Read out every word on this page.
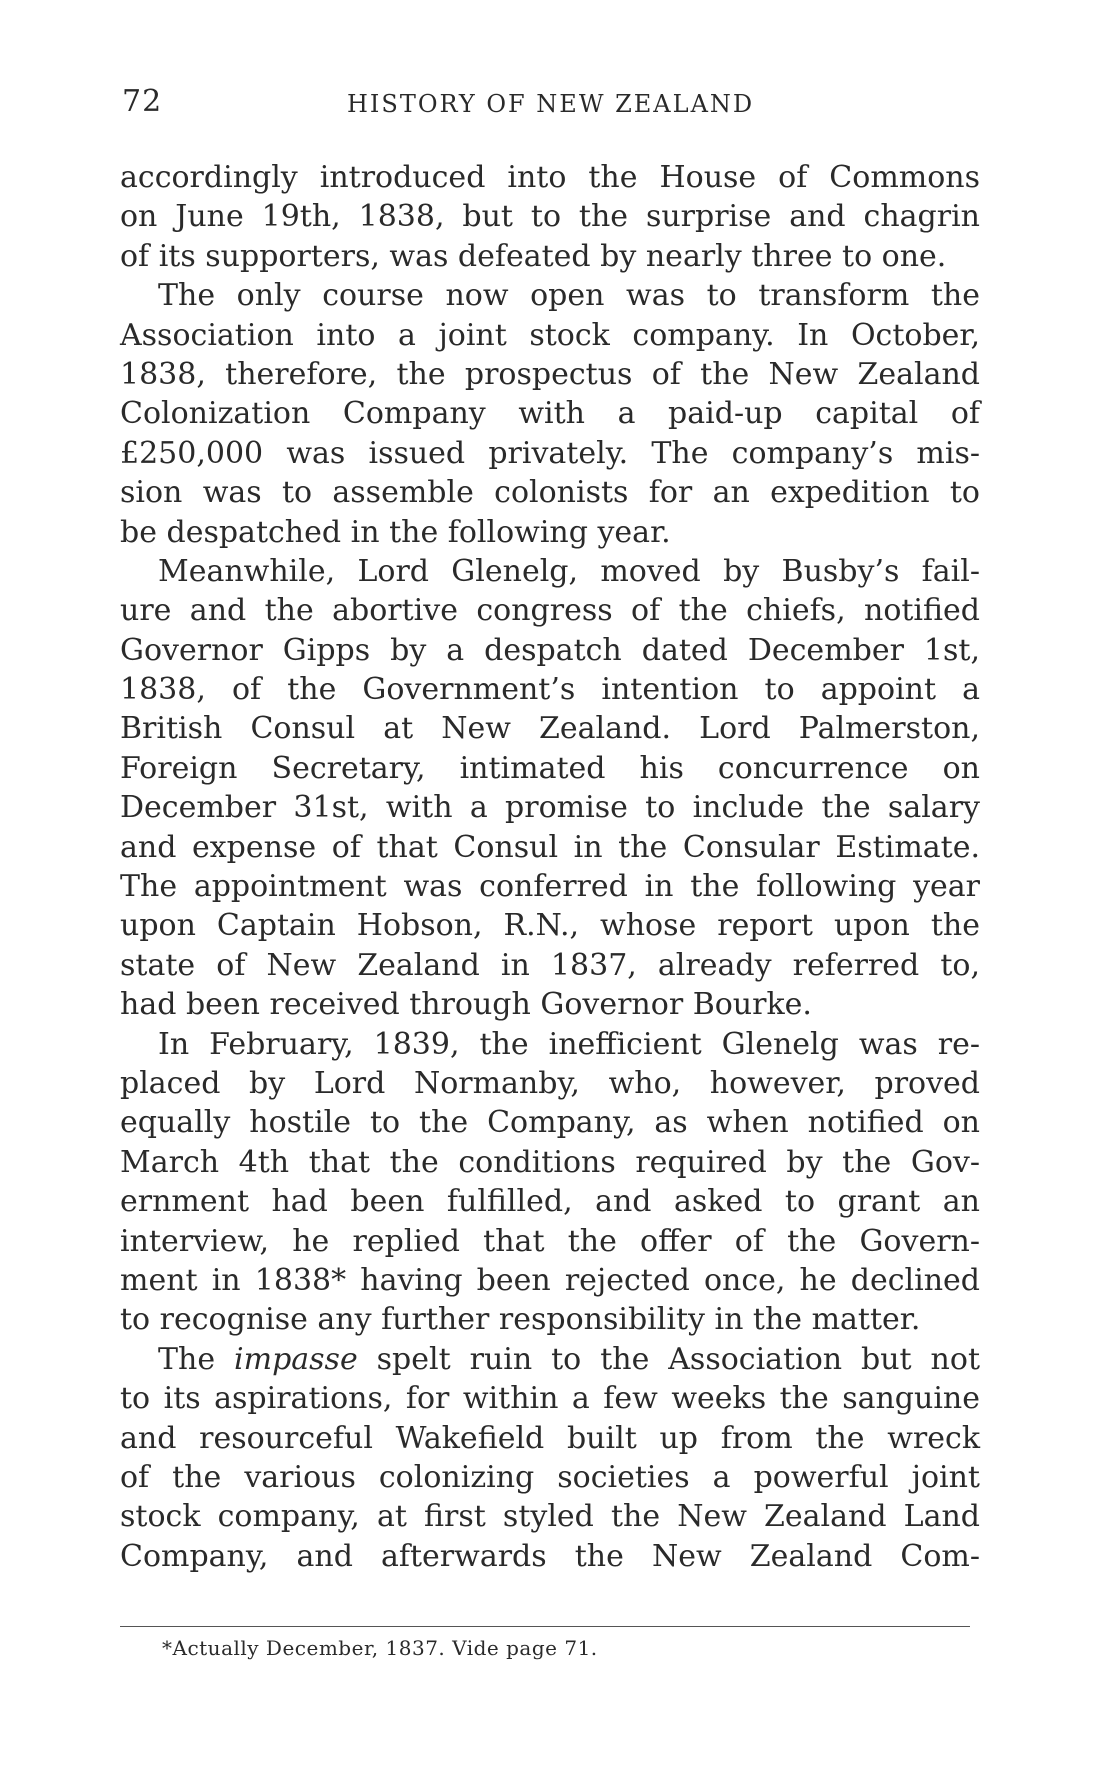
72	HISTORY OF NEW ZEALAND

accordingly introduced into the House of Commons
on June 19th, 1838, but to the surprise and chagrin
of its supporters, was defeated by nearly three to one.

The only course now open was to transform the
Association into a joint stock company. In October,
1838, therefore, the prospectus of the New Zealand
Colonization Company with a paid-up capital of
£250,000 was issued privately. The company’s mis-
sion was to assemble colonists for an expedition to
be despatched in the following year.

Meanwhile, Lord Glenelg, moved by Busby’s fail-
ure and the abortive congress of the chiefs, notified
Governor Gipps by a despatch dated December 1st,
1838, of the Government’s intention to appoint a
British Consul at New Zealand. Lord Palmerston,
Foreign Secretary, intimated his concurrence on
December 31st, with a promise to include the salary
and expense of that Consul in the Consular Estimate.
The appointment was conferred in the following year
upon Captain Hobson, R.N., whose report upon the
state of New Zealand in 1837, already referred to,
had been received through Governor Bourke.

In February, 1839, the inefficient Glenelg was re-
placed by Lord Normanby, who, however, proved
equally hostile to the Company, as when notified on
March 4th that the conditions required by the Gov-
ernment had been fulfilled, and asked to grant an
interview, he replied that the offer of the Govern-
ment in 1838* having been rejected once, he declined
to recognise any further responsibility in the matter.

The impasse spelt ruin to the Association but not
to its aspirations, for within a few weeks the sanguine
and resourceful Wakefield built up from the wreck
of the various colonizing societies a powerful joint
stock company, at first styled the New Zealand Land
Company, and afterwards the New Zealand Com-

*Actually December, 1837. Vide page 71.
